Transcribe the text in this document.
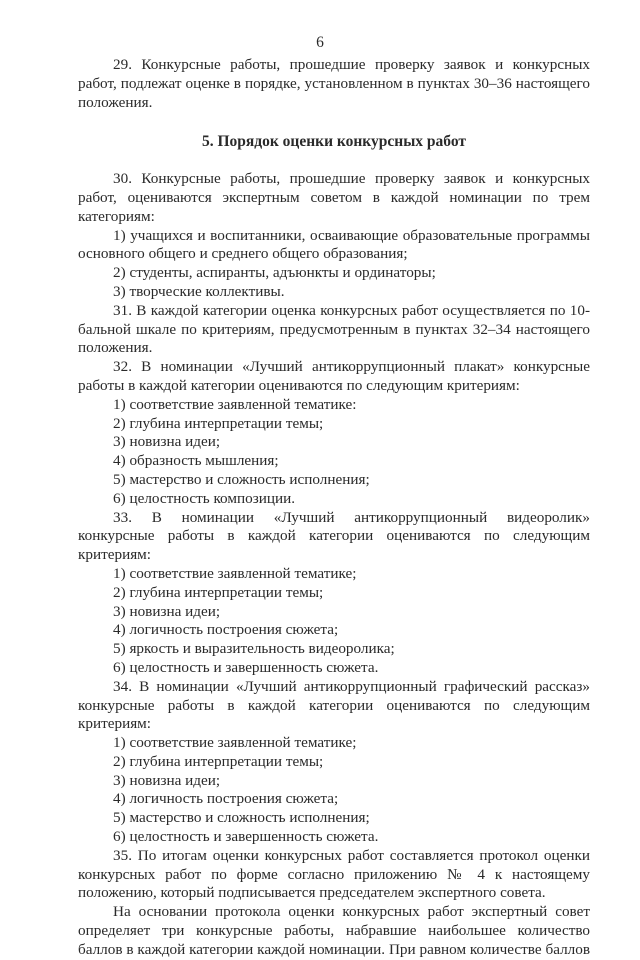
6

29. Конкурсные работы, прошедшие проверку заявок и конкурсных работ, подлежат оценке в порядке, установленном в пунктах 30–36 настоящего положения.

5. Порядок оценки конкурсных работ

30. Конкурсные работы, прошедшие проверку заявок и конкурсных работ, оцениваются экспертным советом в каждой номинации по трем категориям:

1) учащихся и воспитанники, осваивающие образовательные программы основного общего и среднего общего образования;

2) студенты, аспиранты, адъюнкты и ординаторы;

3) творческие коллективы.

31. В каждой категории оценка конкурсных работ осуществляется по 10-бальной шкале по критериям, предусмотренным в пунктах 32–34 настоящего положения.

32. В номинации «Лучший антикоррупционный плакат» конкурсные работы в каждой категории оцениваются по следующим критериям:

1) соответствие заявленной тематике:

2) глубина интерпретации темы;

3) новизна идеи;

4) образность мышления;

5) мастерство и сложность исполнения;

6) целостность композиции.

33. В номинации «Лучший антикоррупционный видеоролик» конкурсные работы в каждой категории оцениваются по следующим критериям:

1) соответствие заявленной тематике;

2) глубина интерпретации темы;

3) новизна идеи;

4) логичность построения сюжета;

5) яркость и выразительность видеоролика;

6) целостность и завершенность сюжета.

34. В номинации «Лучший антикоррупционный графический рассказ» конкурсные работы в каждой категории оцениваются по следующим критериям:

1) соответствие заявленной тематике;

2) глубина интерпретации темы;

3) новизна идеи;

4) логичность построения сюжета;

5) мастерство и сложность исполнения;

6) целостность и завершенность сюжета.

35. По итогам оценки конкурсных работ составляется протокол оценки конкурсных работ по форме согласно приложению № 4 к настоящему положению, который подписывается председателем экспертного совета.

На основании протокола оценки конкурсных работ экспертный совет определяет три конкурсные работы, набравшие наибольшее количество баллов в каждой категории каждой номинации. При равном количестве баллов
